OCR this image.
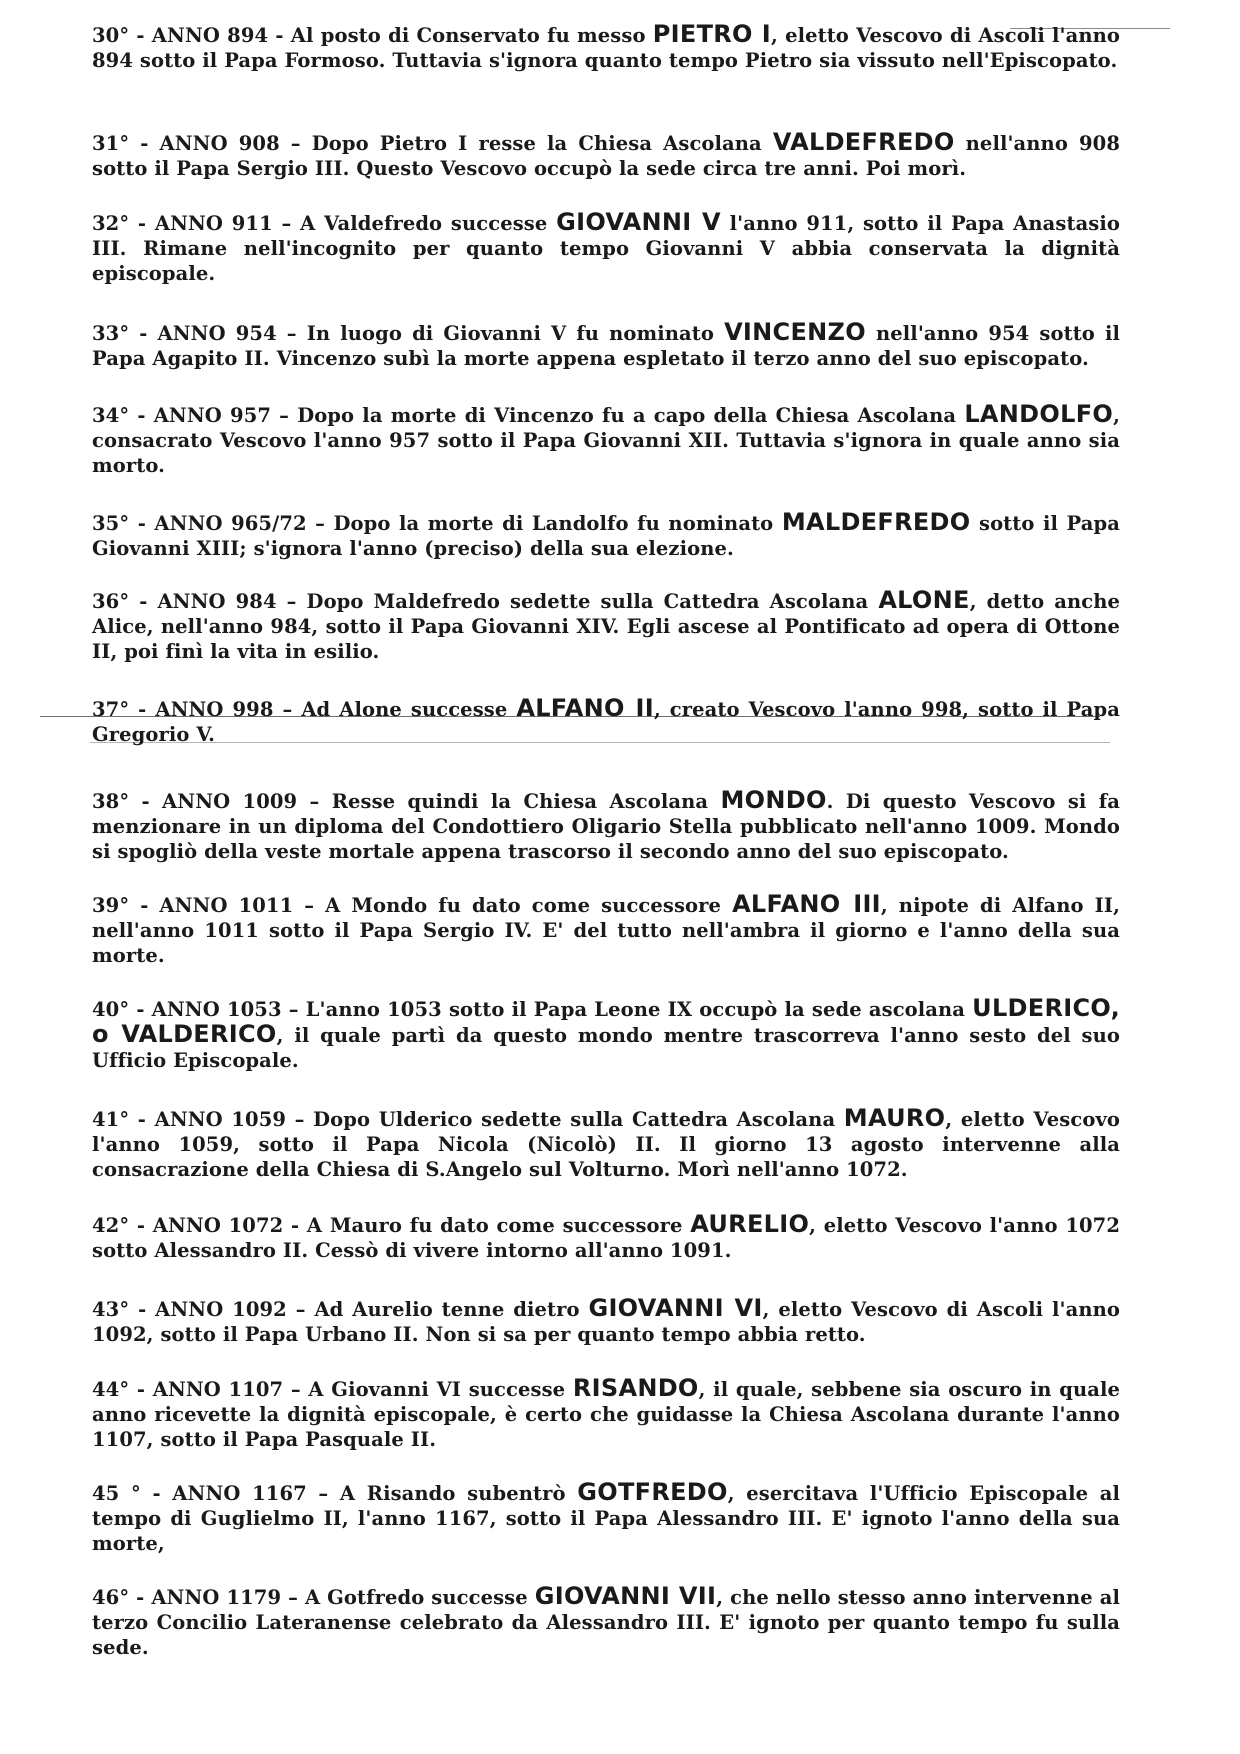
30° - ANNO 894 - Al posto di Conservato fu messo PIETRO I, eletto Vescovo di Ascoli l'anno 894 sotto il Papa Formoso. Tuttavia s'ignora quanto tempo Pietro sia vissuto nell'Episcopato.
31° - ANNO 908 – Dopo Pietro I resse la Chiesa Ascolana VALDEFREDO nell'anno 908 sotto il Papa Sergio III. Questo Vescovo occupò la sede circa tre anni. Poi morì.
32° - ANNO 911 – A Valdefredo successe GIOVANNI V l'anno 911, sotto il Papa Anastasio III. Rimane nell'incognito per quanto tempo Giovanni V abbia conservata la dignità episcopale.
33° - ANNO 954 – In luogo di Giovanni V fu nominato VINCENZO nell'anno 954 sotto il Papa Agapito II. Vincenzo subì la morte appena espletato il terzo anno del suo episcopato.
34° - ANNO 957 – Dopo la morte di Vincenzo fu a capo della Chiesa Ascolana LANDOLFO, consacrato Vescovo l'anno 957 sotto il Papa Giovanni XII. Tuttavia s'ignora in quale anno sia morto.
35° - ANNO 965/72 – Dopo la morte di Landolfo fu nominato MALDEFREDO sotto il Papa Giovanni XIII; s'ignora l'anno (preciso) della sua elezione.
36° - ANNO 984 – Dopo Maldefredo sedette sulla Cattedra Ascolana ALONE, detto anche Alice, nell'anno 984, sotto il Papa Giovanni XIV. Egli ascese al Pontificato ad opera di Ottone II, poi finì la vita in esilio.
37° - ANNO 998 – Ad Alone successe ALFANO II, creato Vescovo l'anno 998, sotto il Papa Gregorio V.
38° - ANNO 1009 – Resse quindi la Chiesa Ascolana MONDO. Di questo Vescovo si fa menzionare in un diploma del Condottiero Oligario Stella pubblicato nell'anno 1009. Mondo si spogliò della veste mortale appena trascorso il secondo anno del suo episcopato.
39° - ANNO 1011 – A Mondo fu dato come successore ALFANO III, nipote di Alfano II, nell'anno 1011 sotto il Papa Sergio IV. E' del tutto nell'ambra il giorno e l'anno della sua morte.
40° - ANNO 1053 – L'anno 1053 sotto il Papa Leone IX occupò la sede ascolana ULDERICO, o VALDERICO, il quale partì da questo mondo mentre trascorreva l'anno sesto del suo Ufficio Episcopale.
41° - ANNO 1059 – Dopo Ulderico sedette sulla Cattedra Ascolana MAURO, eletto Vescovo l'anno 1059, sotto il Papa Nicola (Nicolò) II. Il giorno 13 agosto intervenne alla consacrazione della Chiesa di S.Angelo sul Volturno. Morì nell'anno 1072.
42° - ANNO 1072 - A Mauro fu dato come successore AURELIO, eletto Vescovo l'anno 1072 sotto Alessandro II. Cessò di vivere intorno all'anno 1091.
43° - ANNO 1092 – Ad Aurelio tenne dietro GIOVANNI VI, eletto Vescovo di Ascoli l'anno 1092, sotto il Papa Urbano II. Non si sa per quanto tempo abbia retto.
44° - ANNO 1107 – A Giovanni VI successe RISANDO, il quale, sebbene sia oscuro in quale anno ricevette la dignità episcopale, è certo che guidasse la Chiesa Ascolana durante l'anno 1107, sotto il Papa Pasquale II.
45 ° - ANNO 1167 – A Risando subentrò GOTFREDO, esercitava l'Ufficio Episcopale al tempo di Guglielmo II, l'anno 1167, sotto il Papa Alessandro III. E' ignoto l'anno della sua morte,
46° - ANNO 1179 – A Gotfredo successe GIOVANNI VII, che nello stesso anno intervenne al terzo Concilio Lateranense celebrato da Alessandro III. E' ignoto per quanto tempo fu sulla sede.
